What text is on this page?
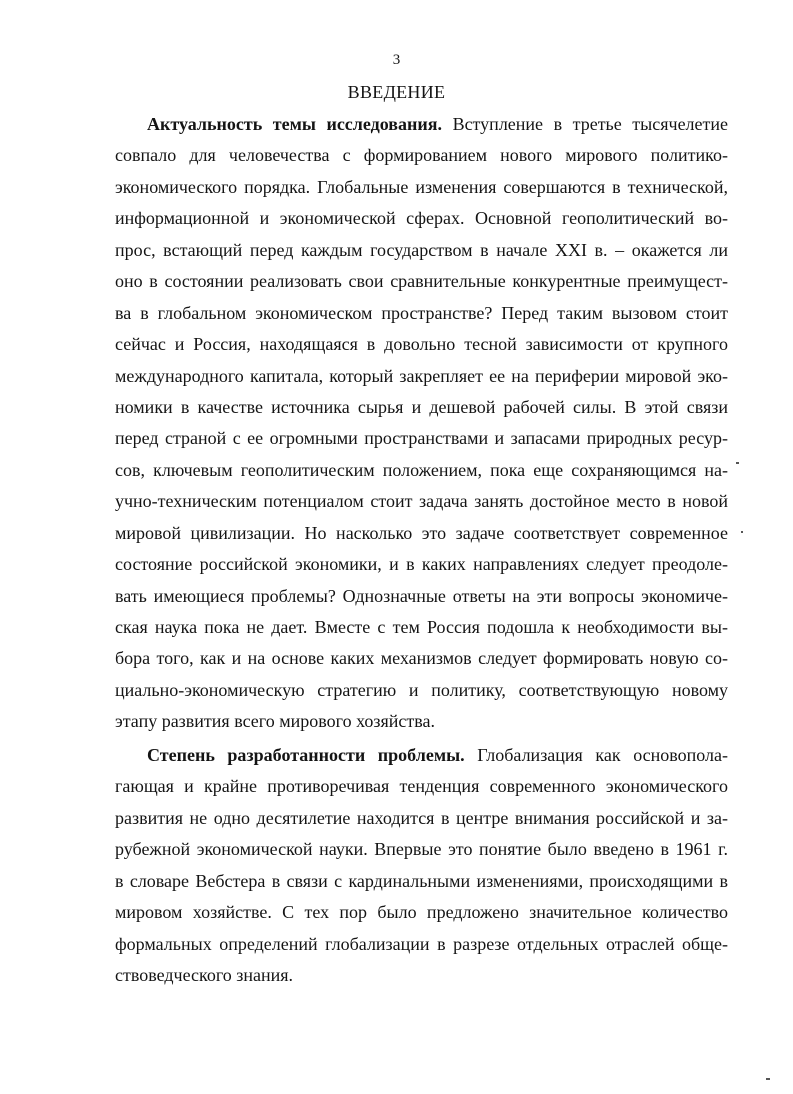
3
ВВЕДЕНИЕ
Актуальность темы исследования. Вступление в третье тысячелетие
совпало для человечества с формированием нового мирового политико-
экономического порядка. Глобальные изменения совершаются в технической,
информационной и экономической сферах. Основной геополитический во-
прос, встающий перед каждым государством в начале XXI в. – окажется ли
оно в состоянии реализовать свои сравнительные конкурентные преимущест-
ва в глобальном экономическом пространстве? Перед таким вызовом стоит
сейчас и Россия, находящаяся в довольно тесной зависимости от крупного
международного капитала, который закрепляет ее на периферии мировой эко-
номики в качестве источника сырья и дешевой рабочей силы. В этой связи
перед страной с ее огромными пространствами и запасами природных ресур-
сов, ключевым геополитическим положением, пока еще сохраняющимся на-
учно-техническим потенциалом стоит задача занять достойное место в новой
мировой цивилизации. Но насколько это задаче соответствует современное
состояние российской экономики, и в каких направлениях следует преодоле-
вать имеющиеся проблемы? Однозначные ответы на эти вопросы экономиче-
ская наука пока не дает. Вместе с тем Россия подошла к необходимости вы-
бора того, как и на основе каких механизмов следует формировать новую со-
циально-экономическую стратегию и политику, соответствующую новому
этапу развития всего мирового хозяйства.
Степень разработанности проблемы. Глобализация как основопола-
гающая и крайне противоречивая тенденция современного экономического
развития не одно десятилетие находится в центре внимания российской и за-
рубежной экономической науки. Впервые это понятие было введено в 1961 г.
в словаре Вебстера в связи с кардинальными изменениями, происходящими в
мировом хозяйстве. С тех пор было предложено значительное количество
формальных определений глобализации в разрезе отдельных отраслей обще-
ствоведческого знания.
